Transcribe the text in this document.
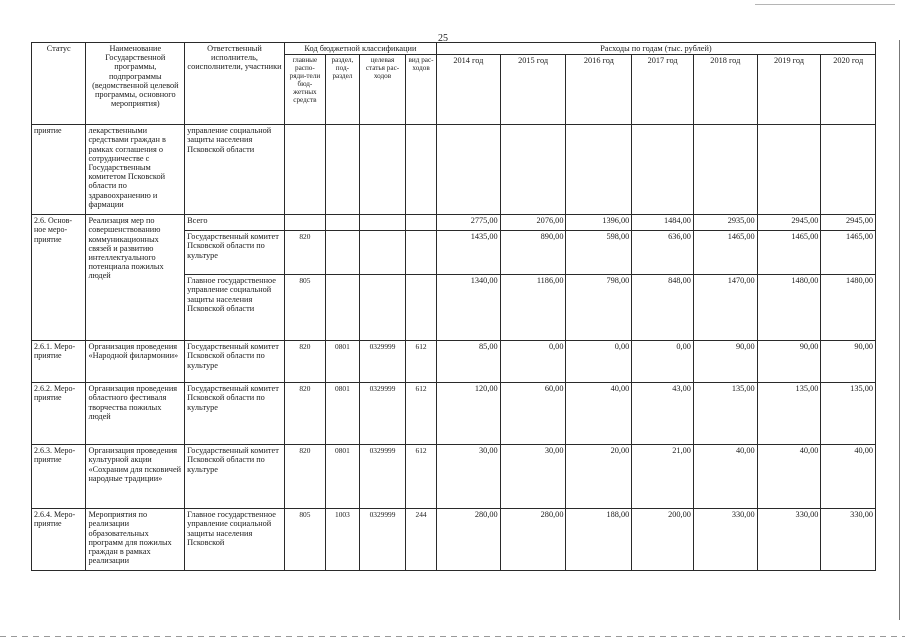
25
Статус	Наименование Государственной программы, подпрограммы (ведомственной целевой программы, основного мероприятия)	Ответственный исполнитель, соисполнители, участники	Код бюджетной классификации				Расходы по годам (тыс. рублей)						
			главные распо-ряди-тели бюд-жетных средств	раздел, под-раздел	целевая статья рас-ходов	вид рас-ходов	2014 год	2015 год	2016 год	2017 год	2018 год	2019 год	2020 год
приятие	лекарственными средствами граждан в рамках соглашения о сотрудничестве с Государственным комитетом Псковской области по здравоохранению и фармации	управление социальной защиты населения Псковской области											
2.6. Основ-ное меро-приятие	Реализация мер по совершенствованию коммуникационных связей и развитию интеллектуального потенциала пожилых людей	Всего					2775,00	2076,00	1396,00	1484,00	2935,00	2945,00	2945,00
		Государственный комитет Псковской области по культуре	820				1435,00	890,00	598,00	636,00	1465,00	1465,00	1465,00
		Главное государственное управление социальной защиты населения Псковской области	805				1340,00	1186,00	798,00	848,00	1470,00	1480,00	1480,00
2.6.1. Меро-приятие	Организация проведения «Народной филармонии»	Государственный комитет Псковской области по культуре	820	0801	0329999	612	85,00	0,00	0,00	0,00	90,00	90,00	90,00
2.6.2. Меро-приятие	Организация проведения областного фестиваля творчества пожилых людей	Государственный комитет Псковской области по культуре	820	0801	0329999	612	120,00	60,00	40,00	43,00	135,00	135,00	135,00
2.6.3. Меро-приятие	Организация проведения культурной акции «Сохраним для псковичей народные традиции»	Государственный комитет Псковской области по культуре	820	0801	0329999	612	30,00	30,00	20,00	21,00	40,00	40,00	40,00
2.6.4. Меро-приятие	Мероприятия по реализации образовательных программ для пожилых граждан в рамках реализации	Главное государственное управление социальной защиты населения Псковской	805	1003	0329999	244	280,00	280,00	188,00	200,00	330,00	330,00	330,00
